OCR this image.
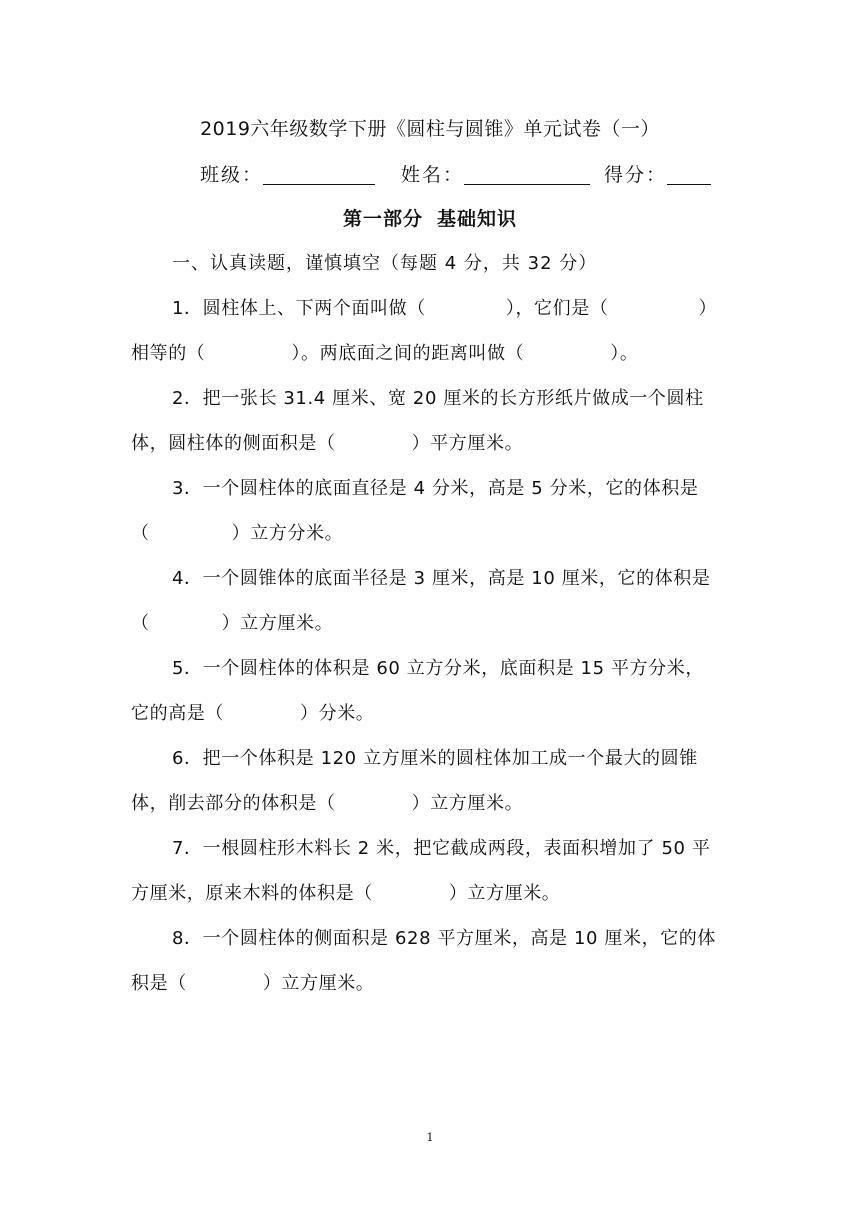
2019六年级数学下册《圆柱与圆锥》单元试卷（一）
班级：	姓名：	得分：
第一部分 基础知识
一、认真读题，谨慎填空（每题 4 分，共 32 分）
1．圆柱体上、下两个面叫做（	），它们是（	）
相等的（	）。两底面之间的距离叫做（	）。
2．把一张长 31.4 厘米、宽 20 厘米的长方形纸片做成一个圆柱
体，圆柱体的侧面积是（	）平方厘米。
3．一个圆柱体的底面直径是 4 分米，高是 5 分米，它的体积是
（	）立方分米。
4．一个圆锥体的底面半径是 3 厘米，高是 10 厘米，它的体积是
（	）立方厘米。
5．一个圆柱体的体积是 60 立方分米，底面积是 15 平方分米，
它的高是（	）分米。
6．把一个体积是 120 立方厘米的圆柱体加工成一个最大的圆锥
体，削去部分的体积是（	）立方厘米。
7．一根圆柱形木料长 2 米，把它截成两段，表面积增加了 50 平
方厘米，原来木料的体积是（	）立方厘米。
8．一个圆柱体的侧面积是 628 平方厘米，高是 10 厘米，它的体
积是（	）立方厘米。
1
